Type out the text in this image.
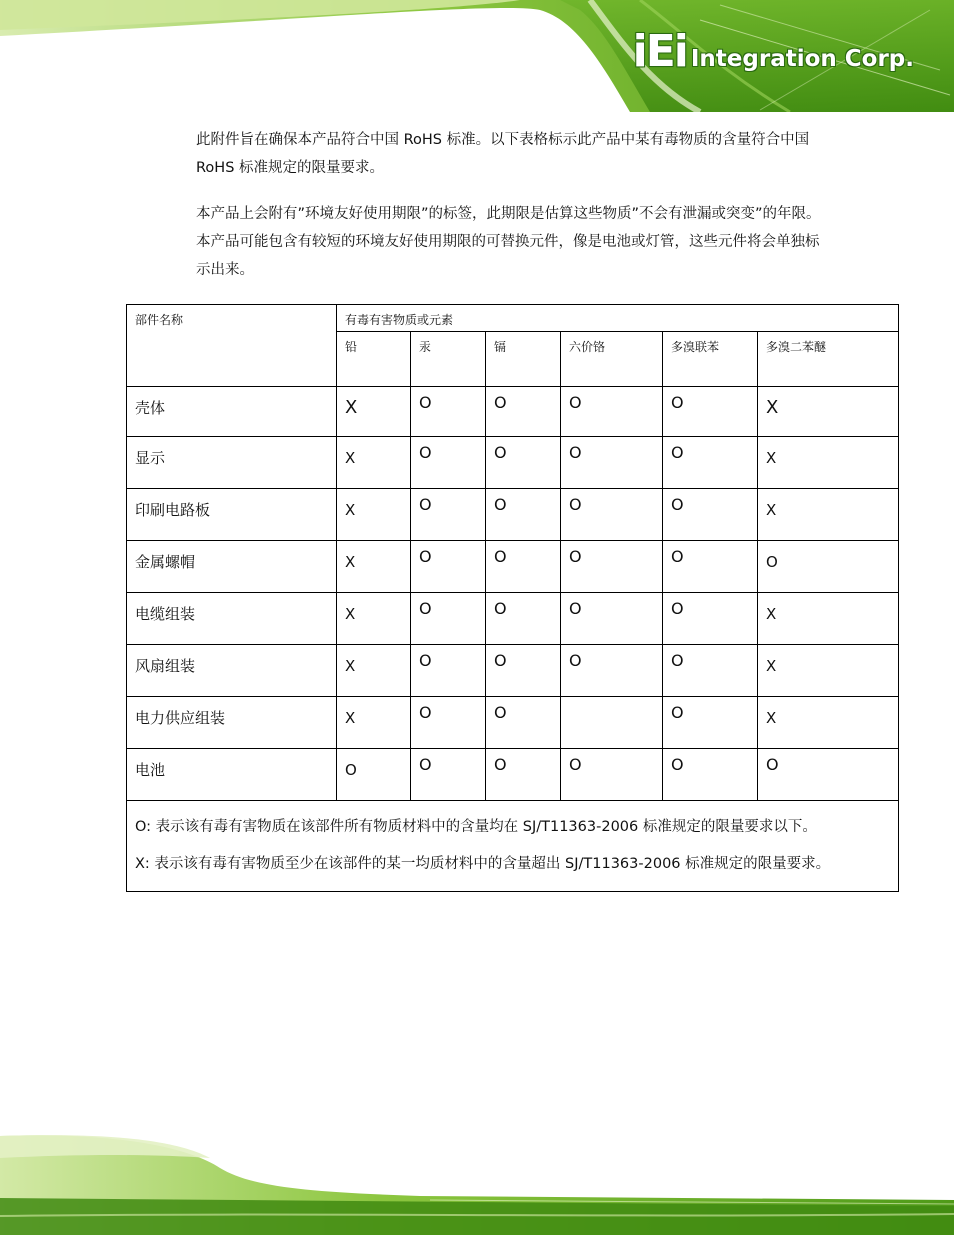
iEi Integration Corp.

此附件旨在确保本产品符合中国 RoHS 标准。以下表格标示此产品中某有毒物质的含量符合中国 RoHS 标准规定的限量要求。

本产品上会附有”环境友好使用期限”的标签，此期限是估算这些物质”不会有泄漏或突变”的年限。本产品可能包含有较短的环境友好使用期限的可替换元件，像是电池或灯管，这些元件将会单独标示出来。

部件名称	有毒有害物质或元素					
	铅	汞	镉	六价铬	多溴联苯	多溴二苯醚
壳体	X	O	O	O	O	X
显示	X	O	O	O	O	X
印刷电路板	X	O	O	O	O	X
金属螺帽	X	O	O	O	O	O
电缆组装	X	O	O	O	O	X
风扇组装	X	O	O	O	O	X
电力供应组装	X	O	O		O	X
电池	O	O	O	O	O	O

O: 表示该有毒有害物质在该部件所有物质材料中的含量均在 SJ/T11363-2006 标准规定的限量要求以下。
X: 表示该有毒有害物质至少在该部件的某一均质材料中的含量超出 SJ/T11363-2006 标准规定的限量要求。						
